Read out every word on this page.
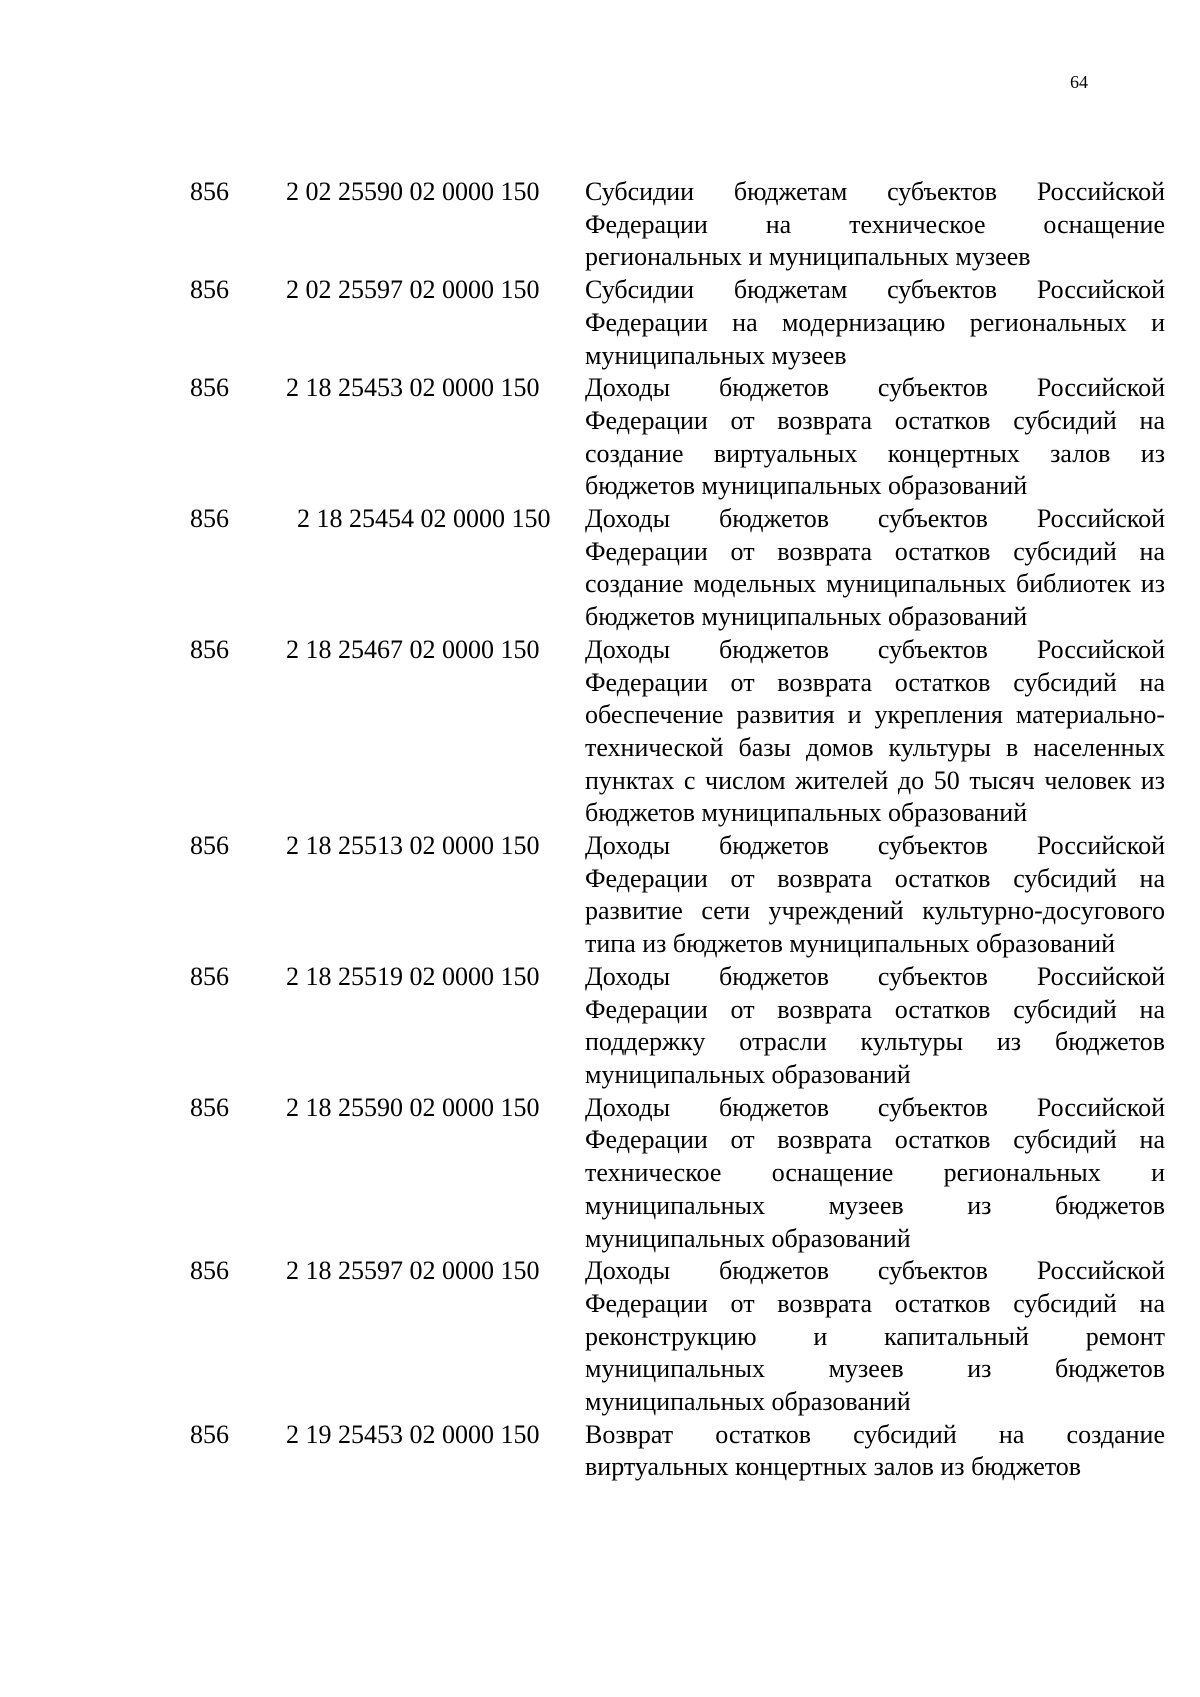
64
856	2 02 25590 02 0000 150	Субсидии бюджетам субъектов Российской Федерации на техническое оснащение региональных и муниципальных музеев
856	2 02 25597 02 0000 150	Субсидии бюджетам субъектов Российской Федерации на модернизацию региональных и муниципальных музеев
856	2 18 25453 02 0000 150	Доходы бюджетов субъектов Российской Федерации от возврата остатков субсидий на создание виртуальных концертных залов из бюджетов муниципальных образований
856	2 18 25454 02 0000 150	Доходы бюджетов субъектов Российской Федерации от возврата остатков субсидий на создание модельных муниципальных библиотек из бюджетов муниципальных образований
856	2 18 25467 02 0000 150	Доходы бюджетов субъектов Российской Федерации от возврата остатков субсидий на обеспечение развития и укрепления материально-технической базы домов культуры в населенных пунктах с числом жителей до 50 тысяч человек из бюджетов муниципальных образований
856	2 18 25513 02 0000 150	Доходы бюджетов субъектов Российской Федерации от возврата остатков субсидий на развитие сети учреждений культурно-досугового типа из бюджетов муниципальных образований
856	2 18 25519 02 0000 150	Доходы бюджетов субъектов Российской Федерации от возврата остатков субсидий на поддержку отрасли культуры из бюджетов муниципальных образований
856	2 18 25590 02 0000 150	Доходы бюджетов субъектов Российской Федерации от возврата остатков субсидий на техническое оснащение региональных и муниципальных музеев из бюджетов муниципальных образований
856	2 18 25597 02 0000 150	Доходы бюджетов субъектов Российской Федерации от возврата остатков субсидий на реконструкцию и капитальный ремонт муниципальных музеев из бюджетов муниципальных образований
856	2 19 25453 02 0000 150	Возврат остатков субсидий на создание виртуальных концертных залов из бюджетов
